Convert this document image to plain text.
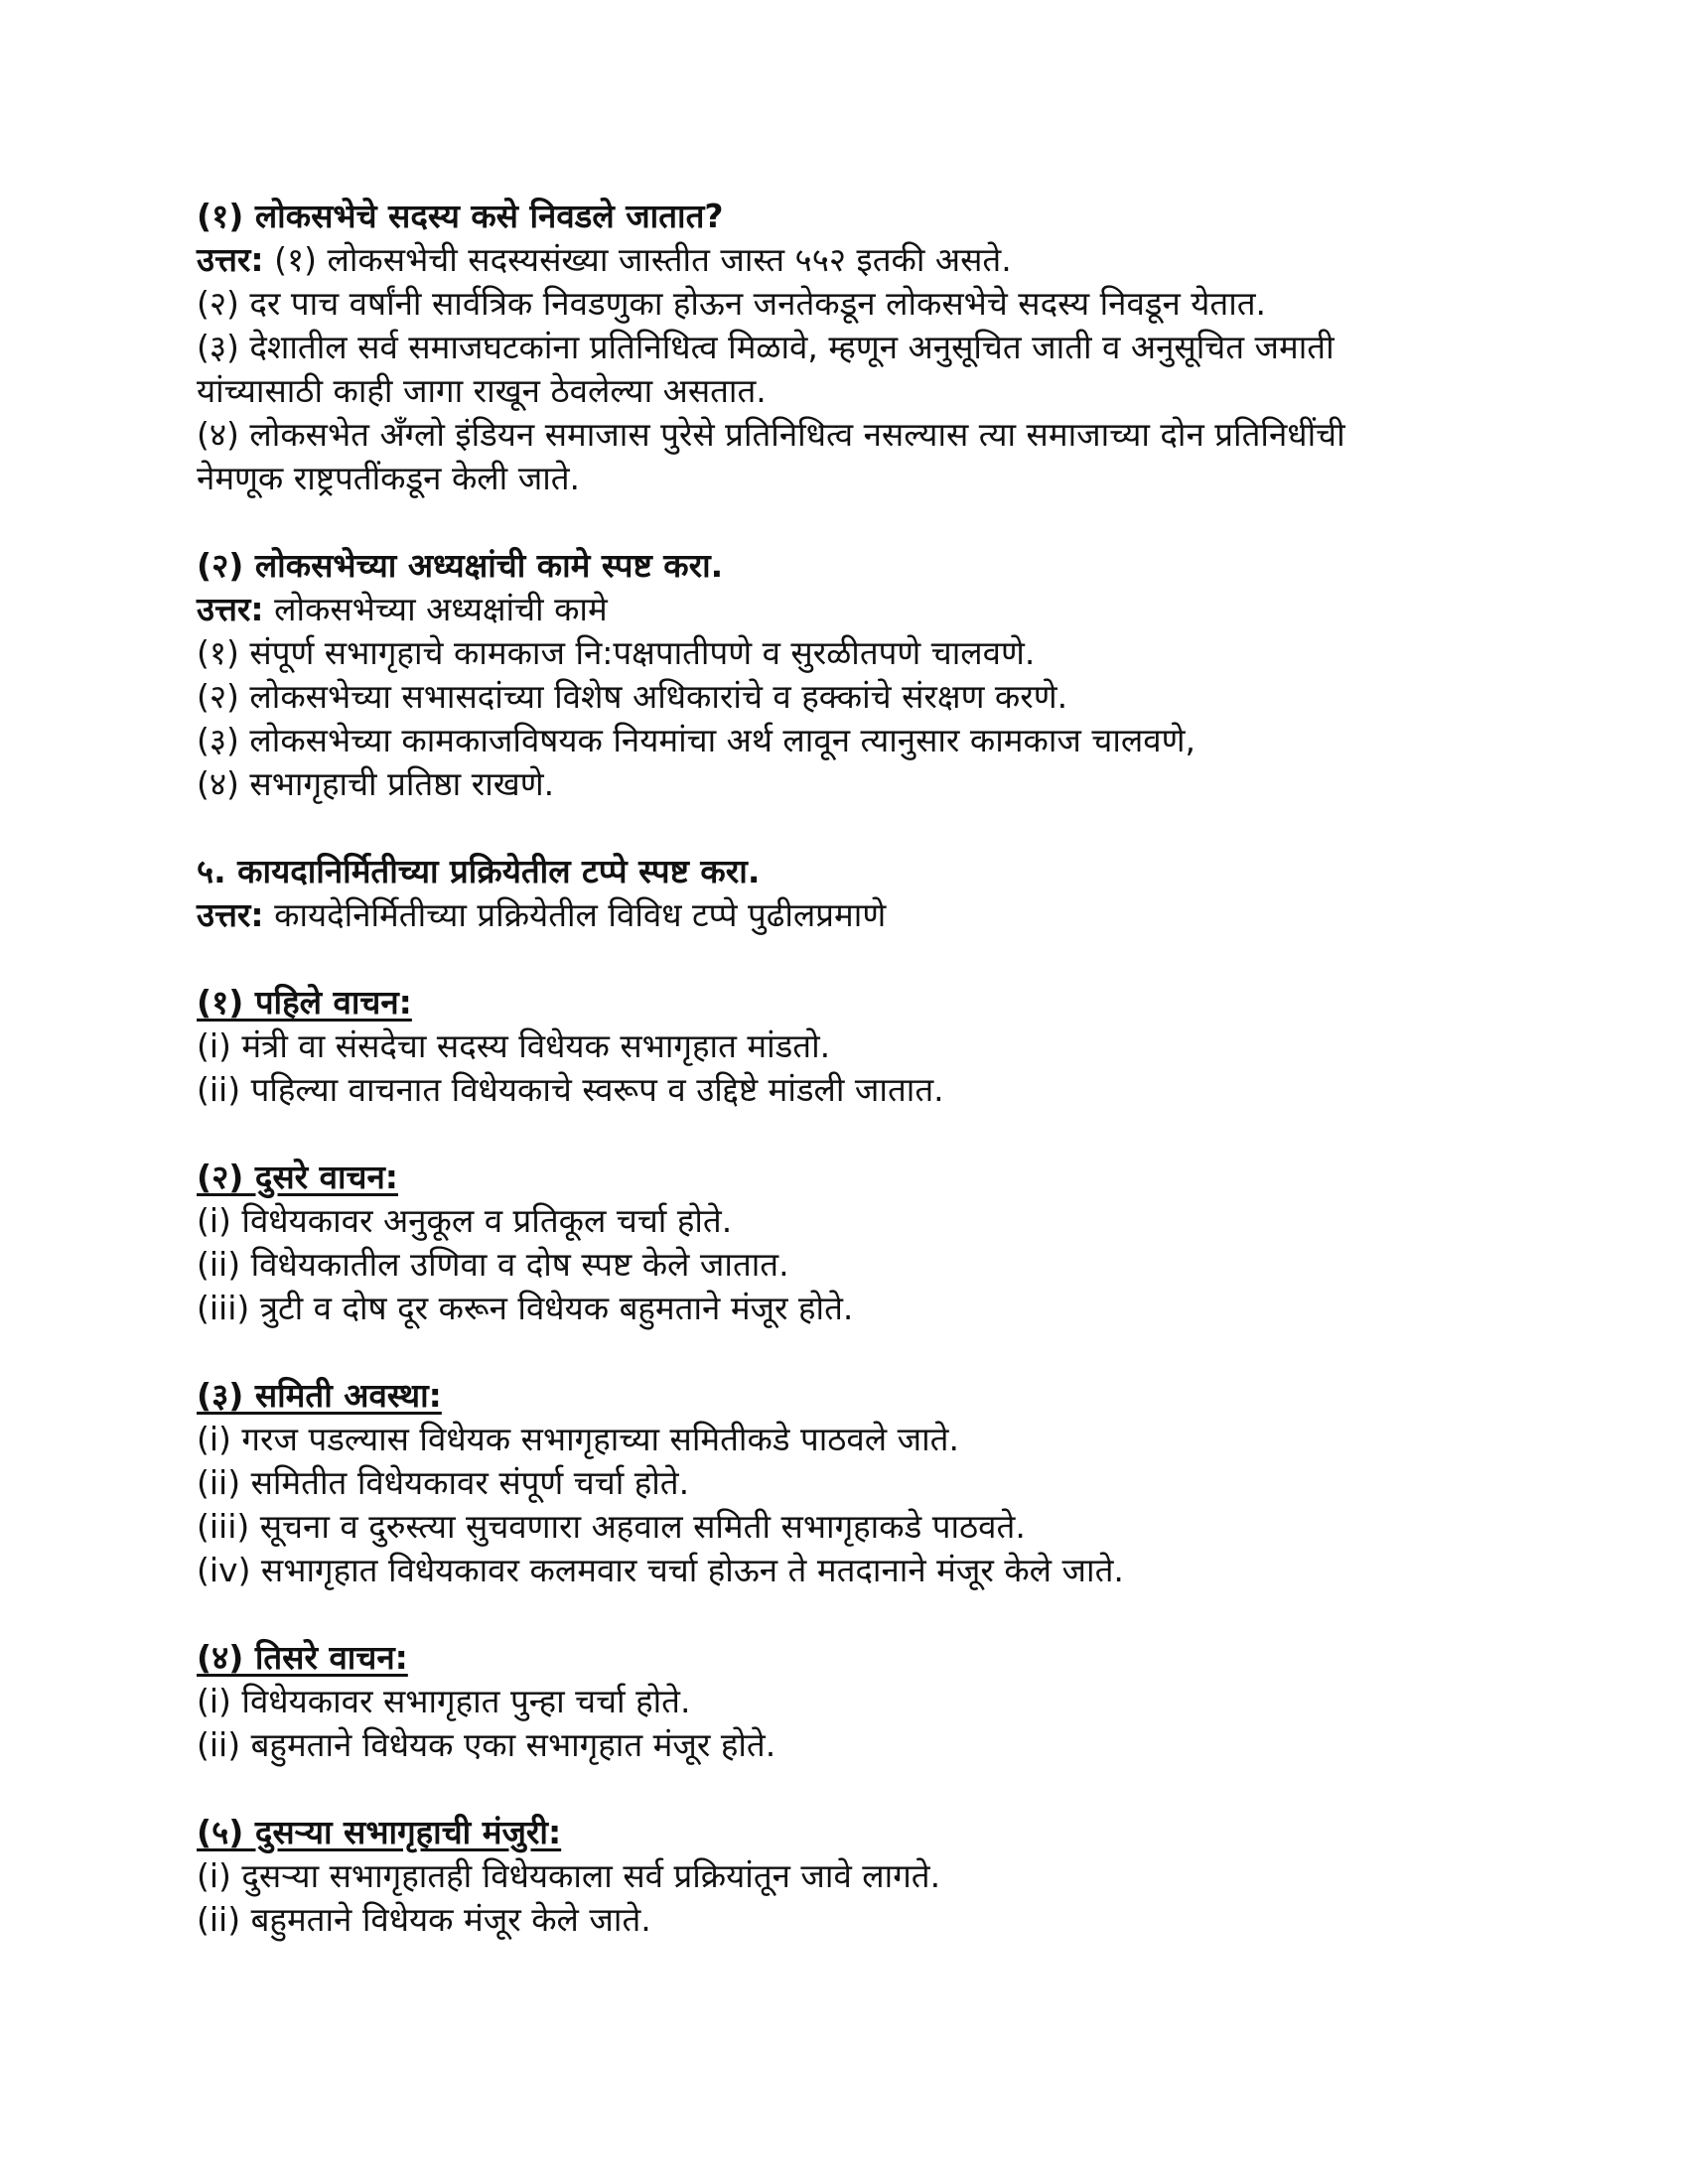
(१) लोकसभेचे सदस्य कसे निवडले जातात?

उत्तर: (१) लोकसभेची सदस्यसंख्या जास्तीत जास्त ५५२ इतकी असते.

(२) दर पाच वर्षांनी सार्वत्रिक निवडणुका होऊन जनतेकडून लोकसभेचे सदस्य निवडून येतात.

(३) देशातील सर्व समाजघटकांना प्रतिनिधित्व मिळावे, म्हणून अनुसूचित जाती व अनुसूचित जमाती

यांच्यासाठी काही जागा राखून ठेवलेल्या असतात.

(४) लोकसभेत अँग्लो इंडियन समाजास पुरेसे प्रतिनिधित्व नसल्यास त्या समाजाच्या दोन प्रतिनिधींची

नेमणूक राष्ट्रपतींकडून केली जाते.

(२) लोकसभेच्या अध्यक्षांची कामे स्पष्ट करा.

उत्तर: लोकसभेच्या अध्यक्षांची कामे

(१) संपूर्ण सभागृहाचे कामकाज नि:पक्षपातीपणे व सुरळीतपणे चालवणे.

(२) लोकसभेच्या सभासदांच्या विशेष अधिकारांचे व हक्कांचे संरक्षण करणे.

(३) लोकसभेच्या कामकाजविषयक नियमांचा अर्थ लावून त्यानुसार कामकाज चालवणे,

(४) सभागृहाची प्रतिष्ठा राखणे.

५. कायदानिर्मितीच्या प्रक्रियेतील टप्पे स्पष्ट करा.

उत्तर: कायदेनिर्मितीच्या प्रक्रियेतील विविध टप्पे पुढीलप्रमाणे

(१) पहिले वाचन:

(i) मंत्री वा संसदेचा सदस्य विधेयक सभागृहात मांडतो.

(ii) पहिल्या वाचनात विधेयकाचे स्वरूप व उद्दिष्टे मांडली जातात.

(२) दुसरे वाचन:

(i) विधेयकावर अनुकूल व प्रतिकूल चर्चा होते.

(ii) विधेयकातील उणिवा व दोष स्पष्ट केले जातात.

(iii) त्रुटी व दोष दूर करून विधेयक बहुमताने मंजूर होते.

(३) समिती अवस्था:

(i) गरज पडल्यास विधेयक सभागृहाच्या समितीकडे पाठवले जाते.

(ii) समितीत विधेयकावर संपूर्ण चर्चा होते.

(iii) सूचना व दुरुस्त्या सुचवणारा अहवाल समिती सभागृहाकडे पाठवते.

(iv) सभागृहात विधेयकावर कलमवार चर्चा होऊन ते मतदानाने मंजूर केले जाते.

(४) तिसरे वाचन:

(i) विधेयकावर सभागृहात पुन्हा चर्चा होते.

(ii) बहुमताने विधेयक एका सभागृहात मंजूर होते.

(५) दुसऱ्या सभागृहाची मंजुरी:

(i) दुसऱ्या सभागृहातही विधेयकाला सर्व प्रक्रियांतून जावे लागते.

(ii) बहुमताने विधेयक मंजूर केले जाते.
